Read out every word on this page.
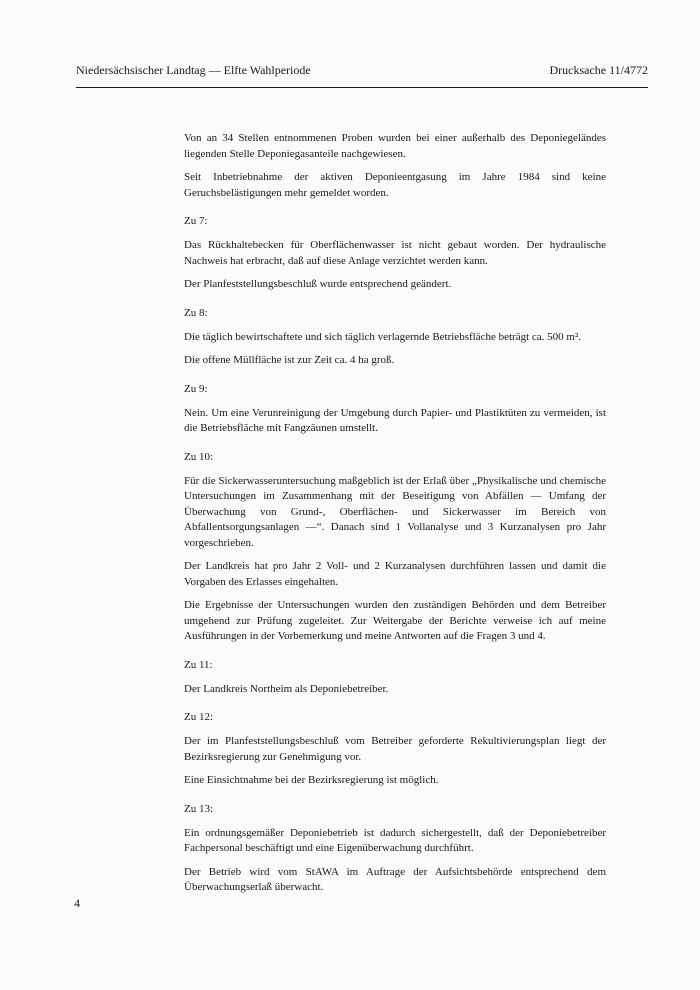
Niedersächsischer Landtag — Elfte Wahlperiode	Drucksache 11/4772

Von an 34 Stellen entnommenen Proben wurden bei einer außerhalb des Deponiegeländes liegenden Stelle Deponiegasanteile nachgewiesen.

Seit Inbetriebnahme der aktiven Deponieentgasung im Jahre 1984 sind keine Geruchsbelästigungen mehr gemeldet worden.

Zu 7:

Das Rückhaltebecken für Oberflächenwasser ist nicht gebaut worden. Der hydraulische Nachweis hat erbracht, daß auf diese Anlage verzichtet werden kann.

Der Planfeststellungsbeschluß wurde entsprechend geändert.

Zu 8:

Die täglich bewirtschaftete und sich täglich verlagernde Betriebsfläche beträgt ca. 500 m².

Die offene Müllfläche ist zur Zeit ca. 4 ha groß.

Zu 9:

Nein. Um eine Verunreinigung der Umgebung durch Papier- und Plastiktüten zu vermeiden, ist die Betriebsfläche mit Fangzäunen umstellt.

Zu 10:

Für die Sickerwasseruntersuchung maßgeblich ist der Erlaß über „Physikalische und chemische Untersuchungen im Zusammenhang mit der Beseitigung von Abfällen — Umfang der Überwachung von Grund-, Oberflächen- und Sickerwasser im Bereich von Abfallentsorgungsanlagen —“. Danach sind 1 Vollanalyse und 3 Kurzanalysen pro Jahr vorgeschrieben.

Der Landkreis hat pro Jahr 2 Voll- und 2 Kurzanalysen durchführen lassen und damit die Vorgaben des Erlasses eingehalten.

Die Ergebnisse der Untersuchungen wurden den zuständigen Behörden und dem Betreiber umgehend zur Prüfung zugeleitet. Zur Weitergabe der Berichte verweise ich auf meine Ausführungen in der Vorbemerkung und meine Antworten auf die Fragen 3 und 4.

Zu 11:

Der Landkreis Northeim als Deponiebetreiber.

Zu 12:

Der im Planfeststellungsbeschluß vom Betreiber geforderte Rekultivierungsplan liegt der Bezirksregierung zur Genehmigung vor.

Eine Einsichtnahme bei der Bezirksregierung ist möglich.

Zu 13:

Ein ordnungsgemäßer Deponiebetrieb ist dadurch sichergestellt, daß der Deponiebetreiber Fachpersonal beschäftigt und eine Eigenüberwachung durchführt.

Der Betrieb wird vom StAWA im Auftrage der Aufsichtsbehörde entsprechend dem Überwachungserlaß überwacht.

4
